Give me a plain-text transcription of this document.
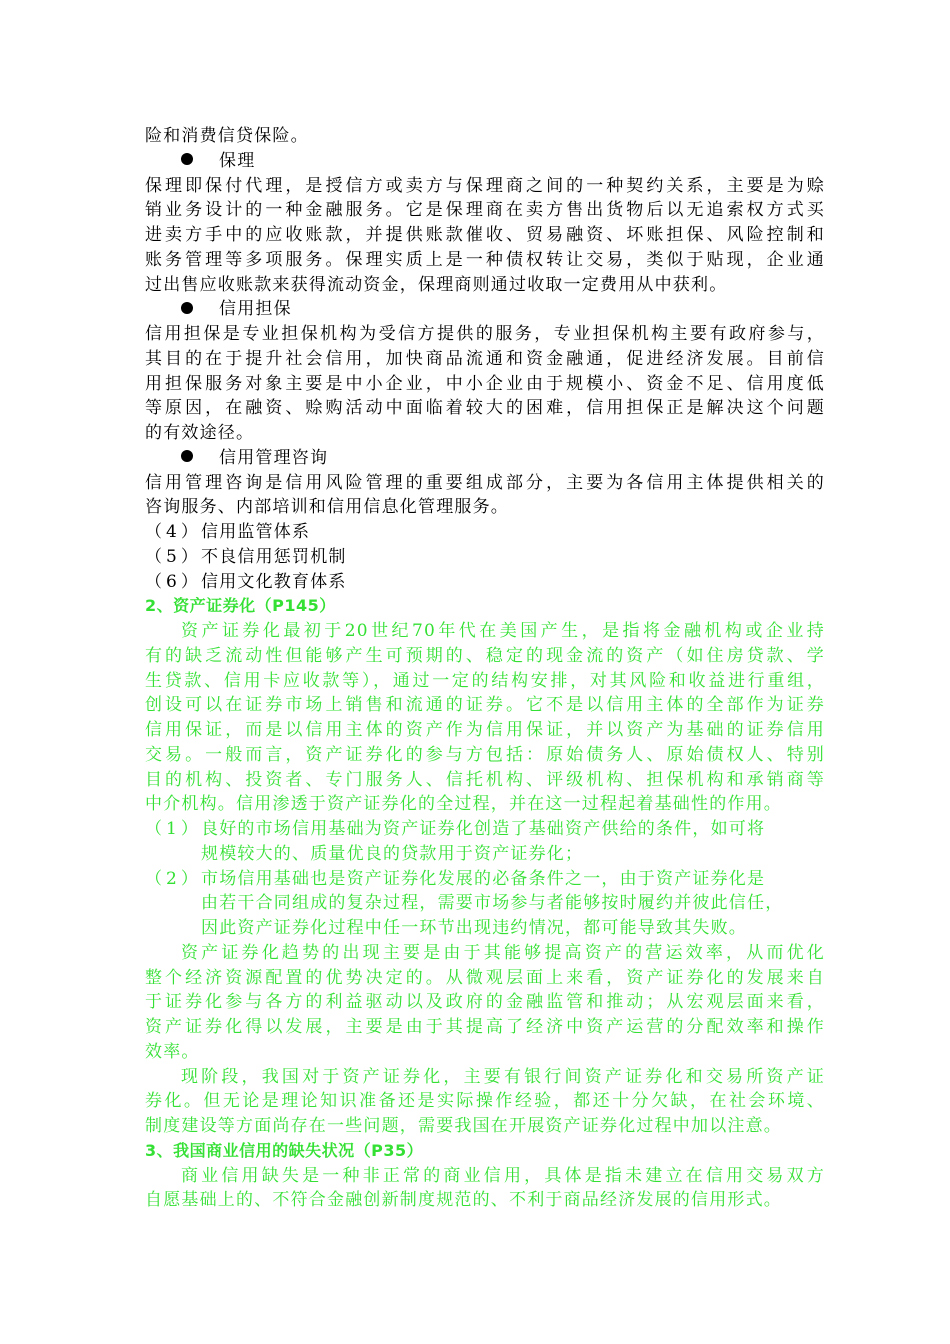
险和消费信贷保险。
保理
保理即保付代理，是授信方或卖方与保理商之间的一种契约关系，主要是为赊
销业务设计的一种金融服务。它是保理商在卖方售出货物后以无追索权方式买
进卖方手中的应收账款，并提供账款催收、贸易融资、坏账担保、风险控制和
账务管理等多项服务。保理实质上是一种债权转让交易，类似于贴现，企业通
过出售应收账款来获得流动资金，保理商则通过收取一定费用从中获利。
信用担保
信用担保是专业担保机构为受信方提供的服务，专业担保机构主要有政府参与，
其目的在于提升社会信用，加快商品流通和资金融通，促进经济发展。目前信
用担保服务对象主要是中小企业，中小企业由于规模小、资金不足、信用度低
等原因，在融资、赊购活动中面临着较大的困难，信用担保正是解决这个问题
的有效途径。
信用管理咨询
信用管理咨询是信用风险管理的重要组成部分，主要为各信用主体提供相关的
咨询服务、内部培训和信用信息化管理服务。
（4）信用监管体系
（5）不良信用惩罚机制
（6）信用文化教育体系
2、资产证券化（P145）
资产证券化最初于20世纪70年代在美国产生，是指将金融机构或企业持
有的缺乏流动性但能够产生可预期的、稳定的现金流的资产（如住房贷款、学
生贷款、信用卡应收款等），通过一定的结构安排，对其风险和收益进行重组，
创设可以在证券市场上销售和流通的证券。它不是以信用主体的全部作为证券
信用保证，而是以信用主体的资产作为信用保证，并以资产为基础的证券信用
交易。一般而言，资产证券化的参与方包括：原始债务人、原始债权人、特别
目的机构、投资者、专门服务人、信托机构、评级机构、担保机构和承销商等
中介机构。信用渗透于资产证券化的全过程，并在这一过程起着基础性的作用。
（1）良好的市场信用基础为资产证券化创造了基础资产供给的条件，如可将
规模较大的、质量优良的贷款用于资产证券化；
（2）市场信用基础也是资产证券化发展的必备条件之一，由于资产证券化是
由若干合同组成的复杂过程，需要市场参与者能够按时履约并彼此信任，
因此资产证券化过程中任一环节出现违约情况，都可能导致其失败。
资产证券化趋势的出现主要是由于其能够提高资产的营运效率，从而优化
整个经济资源配置的优势决定的。从微观层面上来看，资产证券化的发展来自
于证券化参与各方的利益驱动以及政府的金融监管和推动；从宏观层面来看，
资产证券化得以发展，主要是由于其提高了经济中资产运营的分配效率和操作
效率。
现阶段，我国对于资产证券化，主要有银行间资产证券化和交易所资产证
券化。但无论是理论知识准备还是实际操作经验，都还十分欠缺，在社会环境、
制度建设等方面尚存在一些问题，需要我国在开展资产证券化过程中加以注意。
3、我国商业信用的缺失状况（P35）
商业信用缺失是一种非正常的商业信用，具体是指未建立在信用交易双方
自愿基础上的、不符合金融创新制度规范的、不利于商品经济发展的信用形式。
